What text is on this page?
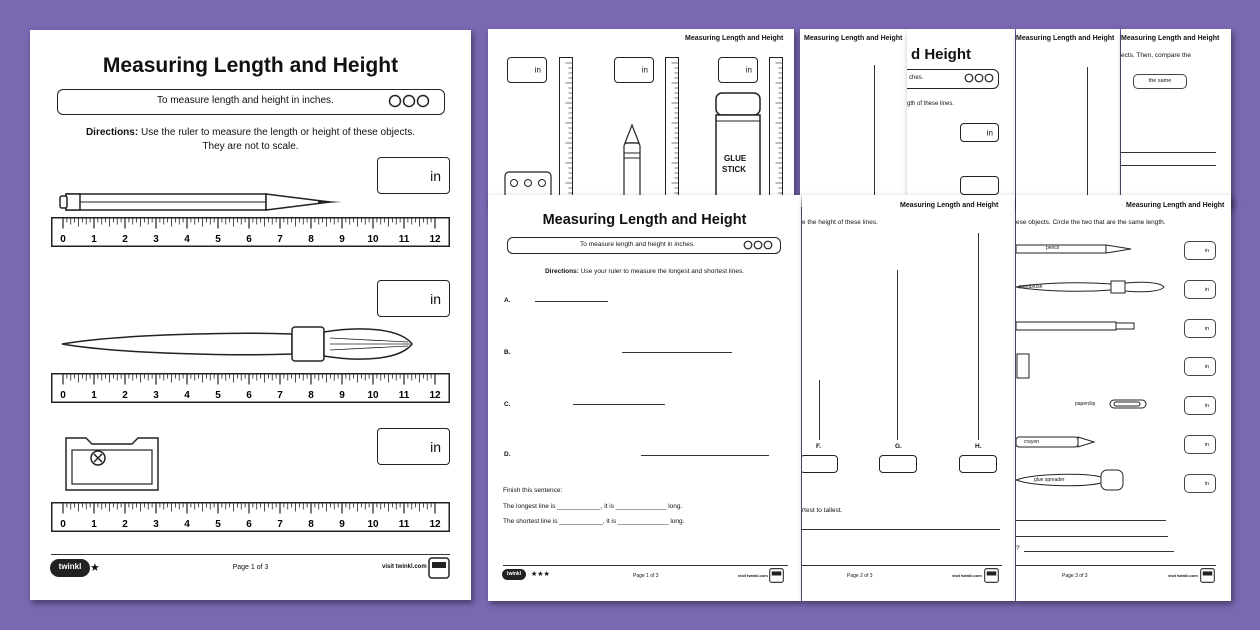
Measuring Length and Height
To measure length and height in inches.
Directions: Use the ruler to measure the length or height of these objects.
They are not to scale.
in
0	1	2	3	4	5	6	7	8	9 10 11 12
in
0	1	2	3	4	5	6	7	8	9 10 11 12
in
0	1	2	3	4	5	6	7	8	9 10 11 12
twinkl ★	Page 1 of 3	visit twinkl.com
Measuring Length and Height
in	in	in
GLUE
STICK
Measuring Length and Height
d Height
ches.
gth of these lines.
in
Measuring Length and Height Measuring Length and Height
ects. Then, compare the
the same
Measuring Length and Height
To measure length and height in inches.
Directions: Use your ruler to measure the longest and shortest lines.
A.
B.
C.
D.
Finish this sentence:
The longest line is ____________, it is ______________ long.
The shortest line is ____________, it is ______________ long.
twinkl	★★★	Page 1 of 3	visit twinkl.com
Measuring Length and Height
e the height of these lines.
F.	G.	H.
rtest to tallest.
Page 2 of 3	visit twinkl.com
Measuring Length and Height
ese objects. Circle the two that are the same length.
pencil	in
paintbrush	in
in
in
paperclip	in
crayon	in
glue spreader
in
?
Page 3 of 3	visit twinkl.com
